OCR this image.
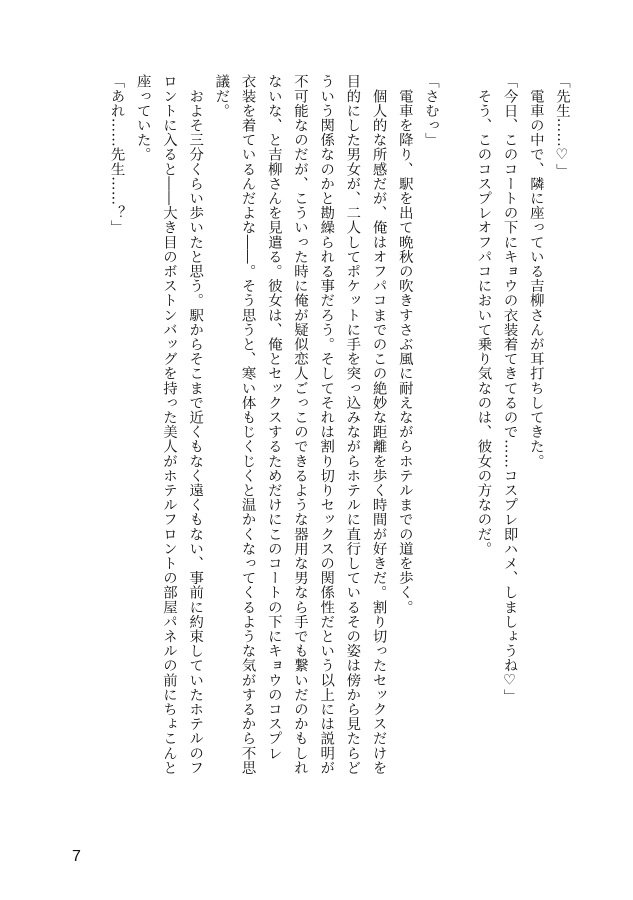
「先生……♡」
　電車の中で、隣に座っている吉柳さんが耳打ちしてきた。
「今日、このコートの下にキョウの衣装着てきてるので……コスプレ即ハメ、しましょうね♡」
　そう、このコスプレオフパコにおいて乗り気なのは、彼女の方なのだ。

「さむっ」
　電車を降り、駅を出て晩秋の吹きすさぶ風に耐えながらホテルまでの道を歩く。
　個人的な所感だが、俺はオフパコまでのこの絶妙な距離を歩く時間が好きだ。割り切ったセックスだけを
目的にした男女が、二人してポケットに手を突っ込みながらホテルに直行しているその姿は傍から見たらど
ういう関係なのかと勘繰られる事だろう。そしてそれは割り切りセックスの関係性だという以上には説明が
不可能なのだが、こういった時に俺が疑似恋人ごっこのできるような器用な男なら手でも繋いだのかもしれ
ないな、と吉柳さんを見遣る。彼女は、俺とセックスするためだけにこのコートの下にキョウのコスプレ
衣装を着ているんだよな――。そう思うと、寒い体もじくじくと温かくなってくるような気がするから不思
議だ。
　およそ三分くらい歩いたと思う。駅からそこまで近くもなく遠くもない、事前に約束していたホテルのフ
ロントに入ると――大き目のボストンバッグを持った美人がホテルフロントの部屋パネルの前にちょこんと
座っていた。
「あれ……先生……？」
7
